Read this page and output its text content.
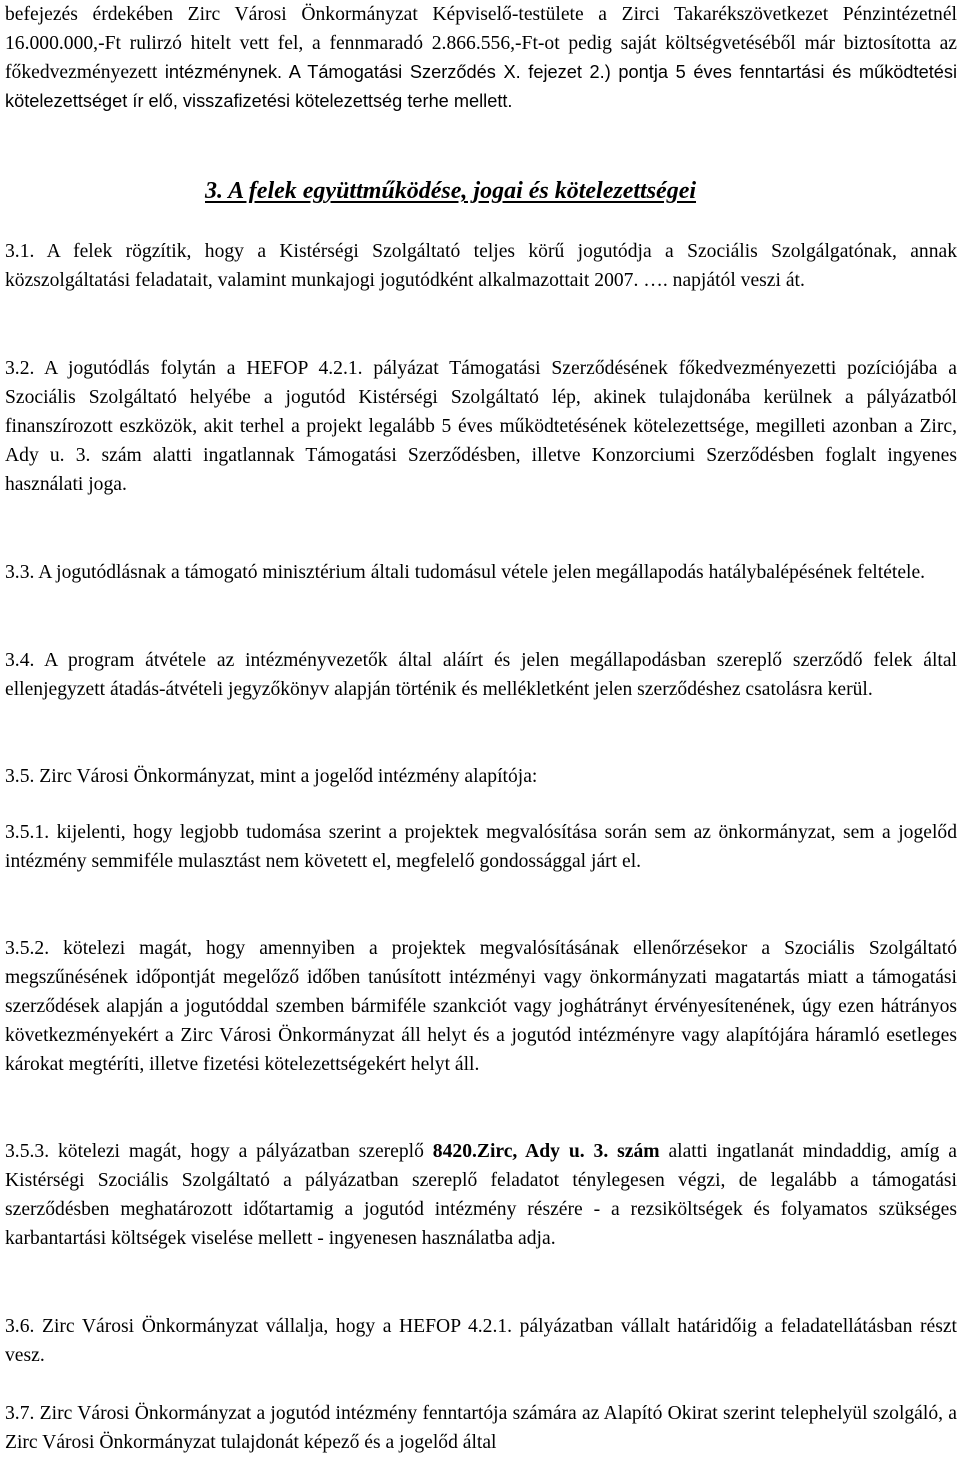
befejezés érdekében Zirc Városi Önkormányzat Képviselő-testülete a Zirci Takarékszövetkezet Pénzintézetnél 16.000.000,-Ft rulirzó hitelt vett fel, a fennmaradó 2.866.556,-Ft-ot pedig saját költségvetéséből már biztosította az főkedvezményezett intézménynek. A Támogatási Szerződés X. fejezet 2.) pontja 5 éves fenntartási és működtetési kötelezettséget ír elő, visszafizetési kötelezettség terhe mellett.

3. A felek együttműködése, jogai és kötelezettségei

3.1. A felek rögzítik, hogy a Kistérségi Szolgáltató teljes körű jogutódja a Szociális Szolgálgatónak, annak közszolgáltatási feladatait, valamint munkajogi jogutódként alkalmazottait 2007. …. napjától veszi át.

3.2. A jogutódlás folytán a HEFOP 4.2.1. pályázat Támogatási Szerződésének főkedvezményezetti pozíciójába a Szociális Szolgáltató helyébe a jogutód Kistérségi Szolgáltató lép, akinek tulajdonába kerülnek a pályázatból finanszírozott eszközök, akit terhel a projekt legalább 5 éves működtetésének kötelezettsége, megilleti azonban a Zirc, Ady u. 3. szám alatti ingatlannak Támogatási Szerződésben, illetve Konzorciumi Szerződésben foglalt ingyenes használati joga.

3.3. A jogutódlásnak a támogató minisztérium általi tudomásul vétele jelen megállapodás hatálybalépésének feltétele.

3.4. A program átvétele az intézményvezetők által aláírt és jelen megállapodásban szereplő szerződő felek által ellenjegyzett átadás-átvételi jegyzőkönyv alapján történik és mellékletként jelen szerződéshez csatolásra kerül.

3.5. Zirc Városi Önkormányzat, mint a jogelőd intézmény alapítója:

3.5.1. kijelenti, hogy legjobb tudomása szerint a projektek megvalósítása során sem az önkormányzat, sem a jogelőd intézmény semmiféle mulasztást nem követett el, megfelelő gondossággal járt el.

3.5.2. kötelezi magát, hogy amennyiben a projektek megvalósításának ellenőrzésekor a Szociális Szolgáltató megszűnésének időpontját megelőző időben tanúsított intézményi vagy önkormányzati magatartás miatt a támogatási szerződések alapján a jogutóddal szemben bármiféle szankciót vagy joghátrányt érvényesítenének, úgy ezen hátrányos következményekért a Zirc Városi Önkormányzat áll helyt és a jogutód intézményre vagy alapítójára háramló esetleges károkat megtéríti, illetve fizetési kötelezettségekért helyt áll.

3.5.3. kötelezi magát, hogy a pályázatban szereplő 8420.Zirc, Ady u. 3. szám alatti ingatlanát mindaddig, amíg a Kistérségi Szociális Szolgáltató a pályázatban szereplő feladatot ténylegesen végzi, de legalább a támogatási szerződésben meghatározott időtartamig a jogutód intézmény részére - a rezsiköltségek és folyamatos szükséges karbantartási költségek viselése mellett - ingyenesen használatba adja.

3.6. Zirc Városi Önkormányzat vállalja, hogy a HEFOP 4.2.1. pályázatban vállalt határidőig a feladatellátásban részt vesz.

3.7. Zirc Városi Önkormányzat a jogutód intézmény fenntartója számára az Alapító Okirat szerint telephelyül szolgáló, a Zirc Városi Önkormányzat tulajdonát képező és a jogelőd által
